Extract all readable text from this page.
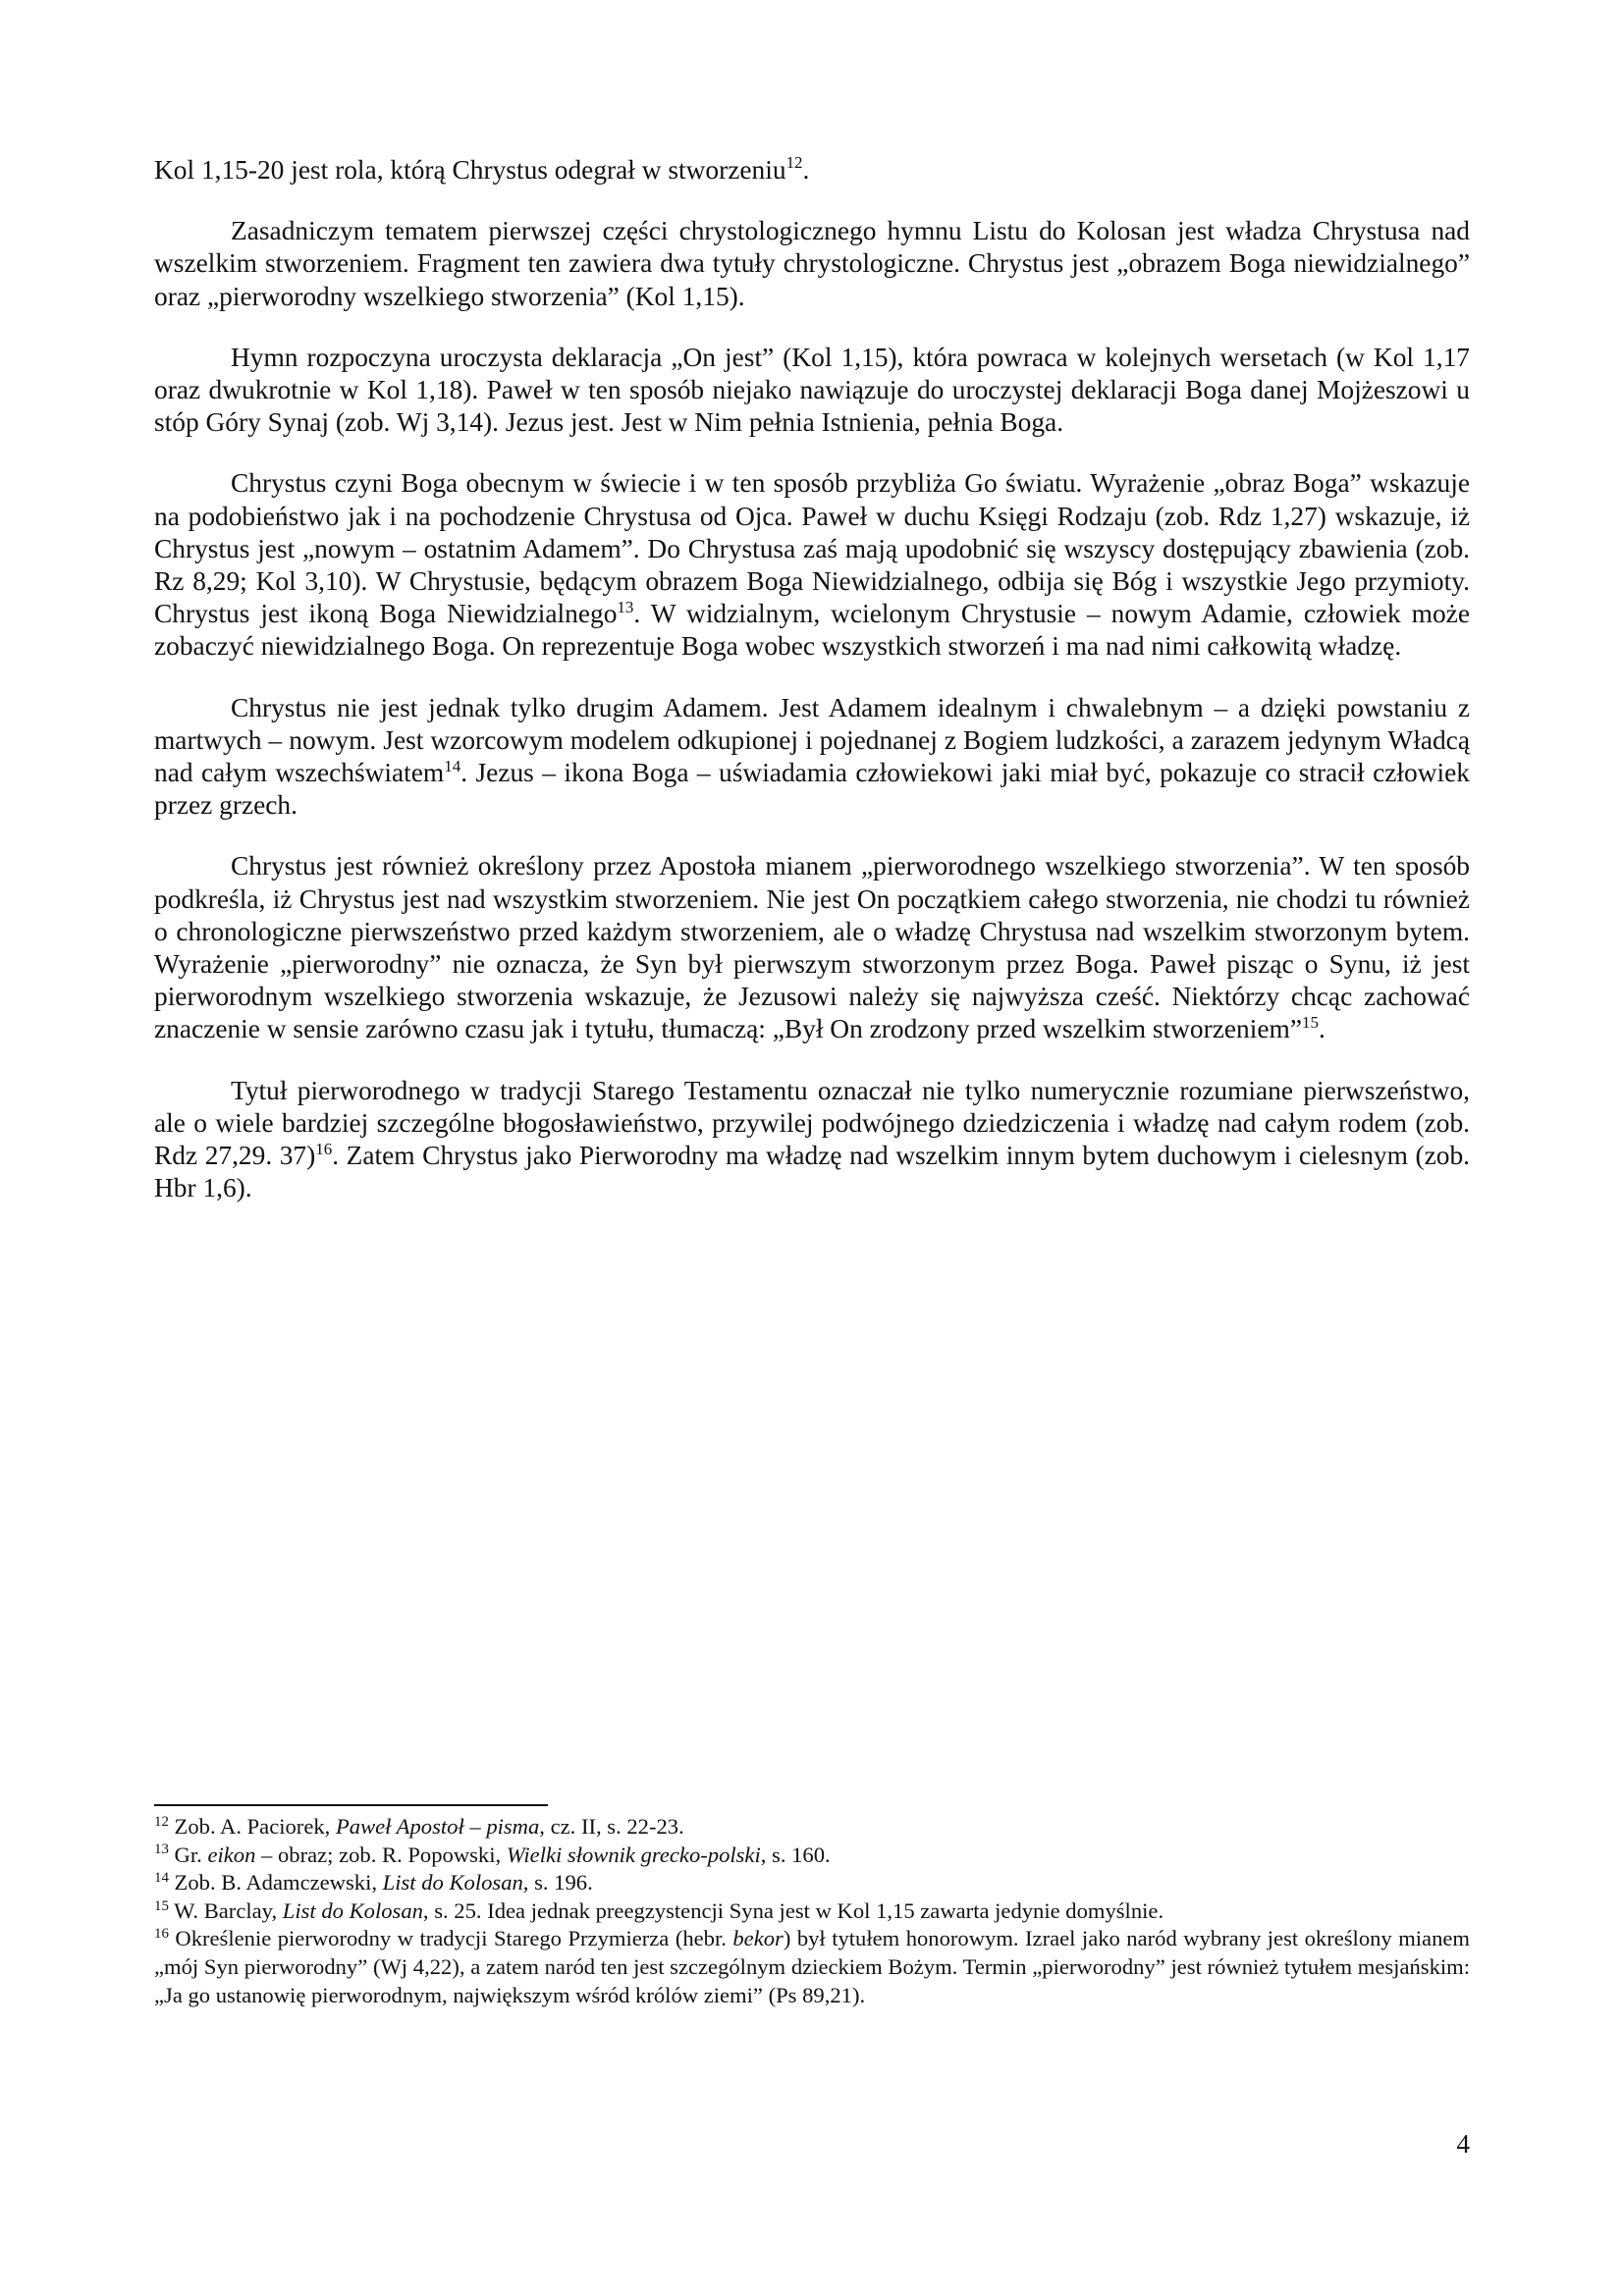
Kol 1,15-20 jest rola, którą Chrystus odegrał w stworzeniu$^{12}$.

Zasadniczym tematem pierwszej części chrystologicznego hymnu Listu do Kolosan jest władza Chrystusa nad wszelkim stworzeniem. Fragment ten zawiera dwa tytuły chrystologiczne. Chrystus jest „obrazem Boga niewidzialnego” oraz „pierworodny wszelkiego stworzenia” (Kol 1,15).

Hymn rozpoczyna uroczysta deklaracja „On jest” (Kol 1,15), która powraca w kolejnych wersetach (w Kol 1,17 oraz dwukrotnie w Kol 1,18). Paweł w ten sposób niejako nawiązuje do uroczystej deklaracji Boga danej Mojżeszowi u stóp Góry Synaj (zob. Wj 3,14). Jezus jest. Jest w Nim pełnia Istnienia, pełnia Boga.

Chrystus czyni Boga obecnym w świecie i w ten sposób przybliża Go światu. Wyrażenie „obraz Boga” wskazuje na podobieństwo jak i na pochodzenie Chrystusa od Ojca. Paweł w duchu Księgi Rodzaju (zob. Rdz 1,27) wskazuje, iż Chrystus jest „nowym – ostatnim Adamem”. Do Chrystusa zaś mają upodobnić się wszyscy dostępujący zbawienia (zob. Rz 8,29; Kol 3,10). W Chrystusie, będącym obrazem Boga Niewidzialnego, odbija się Bóg i wszystkie Jego przymioty. Chrystus jest ikoną Boga Niewidzialnego$^{13}$. W widzialnym, wcielonym Chrystusie – nowym Adamie, człowiek może zobaczyć niewidzialnego Boga. On reprezentuje Boga wobec wszystkich stworzeń i ma nad nimi całkowitą władzę.

Chrystus nie jest jednak tylko drugim Adamem. Jest Adamem idealnym i chwalebnym – a dzięki powstaniu z martwych – nowym. Jest wzorcowym modelem odkupionej i pojednanej z Bogiem ludzkości, a zarazem jedynym Władcą nad całym wszechświatem$^{14}$. Jezus – ikona Boga – uświadamia człowiekowi jaki miał być, pokazuje co stracił człowiek przez grzech.

Chrystus jest również określony przez Apostoła mianem „pierworodnego wszelkiego stworzenia”. W ten sposób podkreśla, iż Chrystus jest nad wszystkim stworzeniem. Nie jest On początkiem całego stworzenia, nie chodzi tu również o chronologiczne pierwszeństwo przed każdym stworzeniem, ale o władzę Chrystusa nad wszelkim stworzonym bytem. Wyrażenie „pierworodny” nie oznacza, że Syn był pierwszym stworzonym przez Boga. Paweł pisząc o Synu, iż jest pierworodnym wszelkiego stworzenia wskazuje, że Jezusowi należy się najwyższa cześć. Niektórzy chcąc zachować znaczenie w sensie zarówno czasu jak i tytułu, tłumaczą: „Był On zrodzony przed wszelkim stworzeniem”$^{15}$.

Tytuł pierworodnego w tradycji Starego Testamentu oznaczał nie tylko numerycznie rozumiane pierwszeństwo, ale o wiele bardziej szczególne błogosławieństwo, przywilej podwójnego dziedziczenia i władzę nad całym rodem (zob. Rdz 27,29. 37)$^{16}$. Zatem Chrystus jako Pierworodny ma władzę nad wszelkim innym bytem duchowym i cielesnym (zob. Hbr 1,6).

$^{12}$ Zob. A. Paciorek, Paweł Apostoł – pisma, cz. II, s. 22-23.

$^{13}$ Gr. eikon – obraz; zob. R. Popowski, Wielki słownik grecko-polski, s. 160.

$^{14}$ Zob. B. Adamczewski, List do Kolosan, s. 196.

$^{15}$ W. Barclay, List do Kolosan, s. 25. Idea jednak preegzystencji Syna jest w Kol 1,15 zawarta jedynie domyślnie.

$^{16}$ Określenie pierworodny w tradycji Starego Przymierza (hebr. bekor) był tytułem honorowym. Izrael jako naród wybrany jest określony mianem „mój Syn pierworodny” (Wj 4,22), a zatem naród ten jest szczególnym dzieckiem Bożym. Termin „pierworodny” jest również tytułem mesjańskim: „Ja go ustanowię pierworodnym, największym wśród królów ziemi” (Ps 89,21).

4
